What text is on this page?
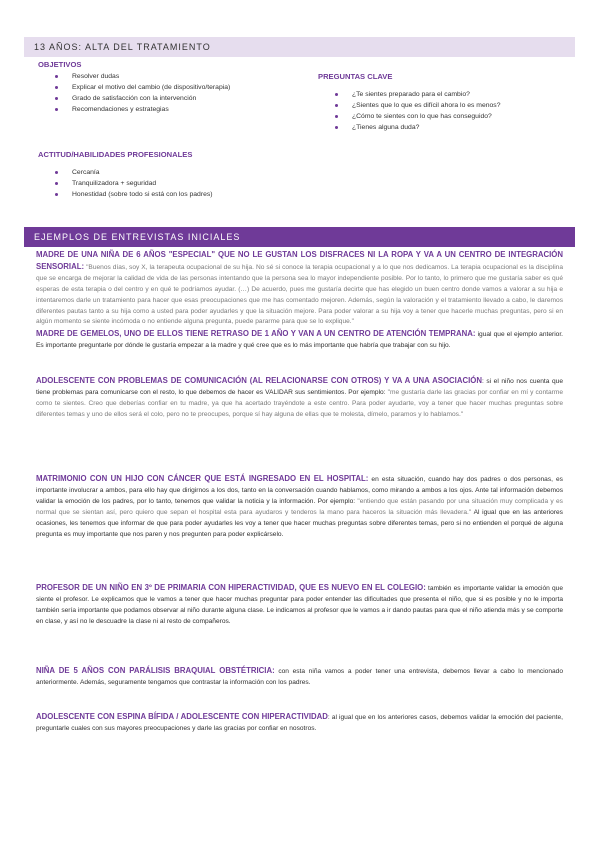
13 AÑOS: ALTA DEL TRATAMIENTO
OBJETIVOS
Resolver dudas
Explicar el motivo del cambio (de dispositivo/terapia)
Grado de satisfacción con la intervención
Recomendaciones y estrategias
PREGUNTAS CLAVE
¿Te sientes preparado para el cambio?
¿Sientes que lo que es difícil ahora lo es menos?
¿Cómo te sientes con lo que has conseguido?
¿Tienes alguna duda?
ACTITUD/HABILIDADES PROFESIONALES
Cercanía
Tranquilizadora + seguridad
Honestidad (sobre todo si está con los padres)
EJEMPLOS DE ENTREVISTAS INICIALES
MADRE DE UNA NIÑA DE 6 AÑOS "ESPECIAL" QUE NO LE GUSTAN LOS DISFRACES NI LA ROPA Y VA A UN CENTRO DE INTEGRACIÓN SENSORIAL: "Buenos días, soy X, la terapeuta ocupacional de su hija. No sé si conoce la terapia ocupacional y a lo que nos dedicamos. La terapia ocupacional es la disciplina que se encarga de mejorar la calidad de vida de las personas intentando que la persona sea lo mayor independiente posible. Por lo tanto, lo primero que me gustaría saber es qué esperas de esta terapia o del centro y en qué te podríamos ayudar. (…) De acuerdo, pues me gustaría decirte que has elegido un buen centro donde vamos a valorar a su hija e intentaremos darle un tratamiento para hacer que esas preocupaciones que me has comentado mejoren. Además, según la valoración y el tratamiento llevado a cabo, le daremos diferentes pautas tanto a su hija como a usted para poder ayudarles y que la situación mejore. Para poder valorar a su hija voy a tener que hacerle muchas preguntas, pero si en algún momento se siente incómoda o no entiende alguna pregunta, puede pararme para que se lo explique."
MADRE DE GEMELOS, UNO DE ELLOS TIENE RETRASO DE 1 AÑO Y VAN A UN CENTRO DE ATENCIÓN TEMPRANA: igual que el ejemplo anterior. Es importante preguntarle por dónde le gustaría empezar a la madre y qué cree que es lo más importante que habría que trabajar con su hijo.
ADOLESCENTE CON PROBLEMAS DE COMUNICACIÓN (AL RELACIONARSE CON OTROS) Y VA A UNA ASOCIACIÓN: si el niño nos cuenta que tiene problemas para comunicarse con el resto, lo que debemos de hacer es VALIDAR sus sentimientos. Por ejemplo: "me gustaría darle las gracias por confiar en mí y contarme como te sientes. Creo que deberías confiar en tu madre, ya que ha acertado trayéndote a este centro. Para poder ayudarte, voy a tener que hacer muchas preguntas sobre diferentes temas y uno de ellos será el colo, pero no te preocupes, porque sí hay alguna de ellas que te molesta, dímelo, paramos y lo hablamos."
MATRIMONIO CON UN HIJO CON CÁNCER QUE ESTÁ INGRESADO EN EL HOSPITAL: en esta situación, cuando hay dos padres o dos personas, es importante involucrar a ambos, para ello hay que dirigirnos a los dos, tanto en la conversación cuando hablamos, como mirando a ambos a los ojos. Ante tal información debemos validar la emoción de los padres, por lo tanto, tenemos que validar la noticia y la información. Por ejemplo: "entiendo que están pasando por una situación muy complicada y es normal que se sientan así, pero quiero que sepan el hospital esta para ayudaros y tenderos la mano para haceros la situación más llevadera." Al igual que en las anteriores ocasiones, les tenemos que informar de que para poder ayudarles les voy a tener que hacer muchas preguntas sobre diferentes temas, pero si no entienden el porqué de alguna pregunta es muy importante que nos paren y nos pregunten para poder explicárselo.
PROFESOR DE UN NIÑO EN 3º DE PRIMARIA CON HIPERACTIVIDAD, QUE ES NUEVO EN EL COLEGIO: también es importante validar la emoción que siente el profesor. Le explicamos que le vamos a tener que hacer muchas preguntar para poder entender las dificultades que presenta el niño, que si es posible y no le importa también sería importante que podamos observar al niño durante alguna clase. Le indicamos al profesor que le vamos a ir dando pautas para que el niño atienda más y se comporte en clase, y así no le descuadre la clase ni al resto de compañeros.
NIÑA DE 5 AÑOS CON PARÁLISIS BRAQUIAL OBSTÉTRICIA: con esta niña vamos a poder tener una entrevista, debemos llevar a cabo lo mencionado anteriormente. Además, seguramente tengamos que contrastar la información con los padres.
ADOLESCENTE CON ESPINA BÍFIDA / ADOLESCENTE CON HIPERACTIVIDAD: al igual que en los anteriores casos, debemos validar la emoción del paciente, preguntarle cuales con sus mayores preocupaciones y darle las gracias por confiar en nosotros.
